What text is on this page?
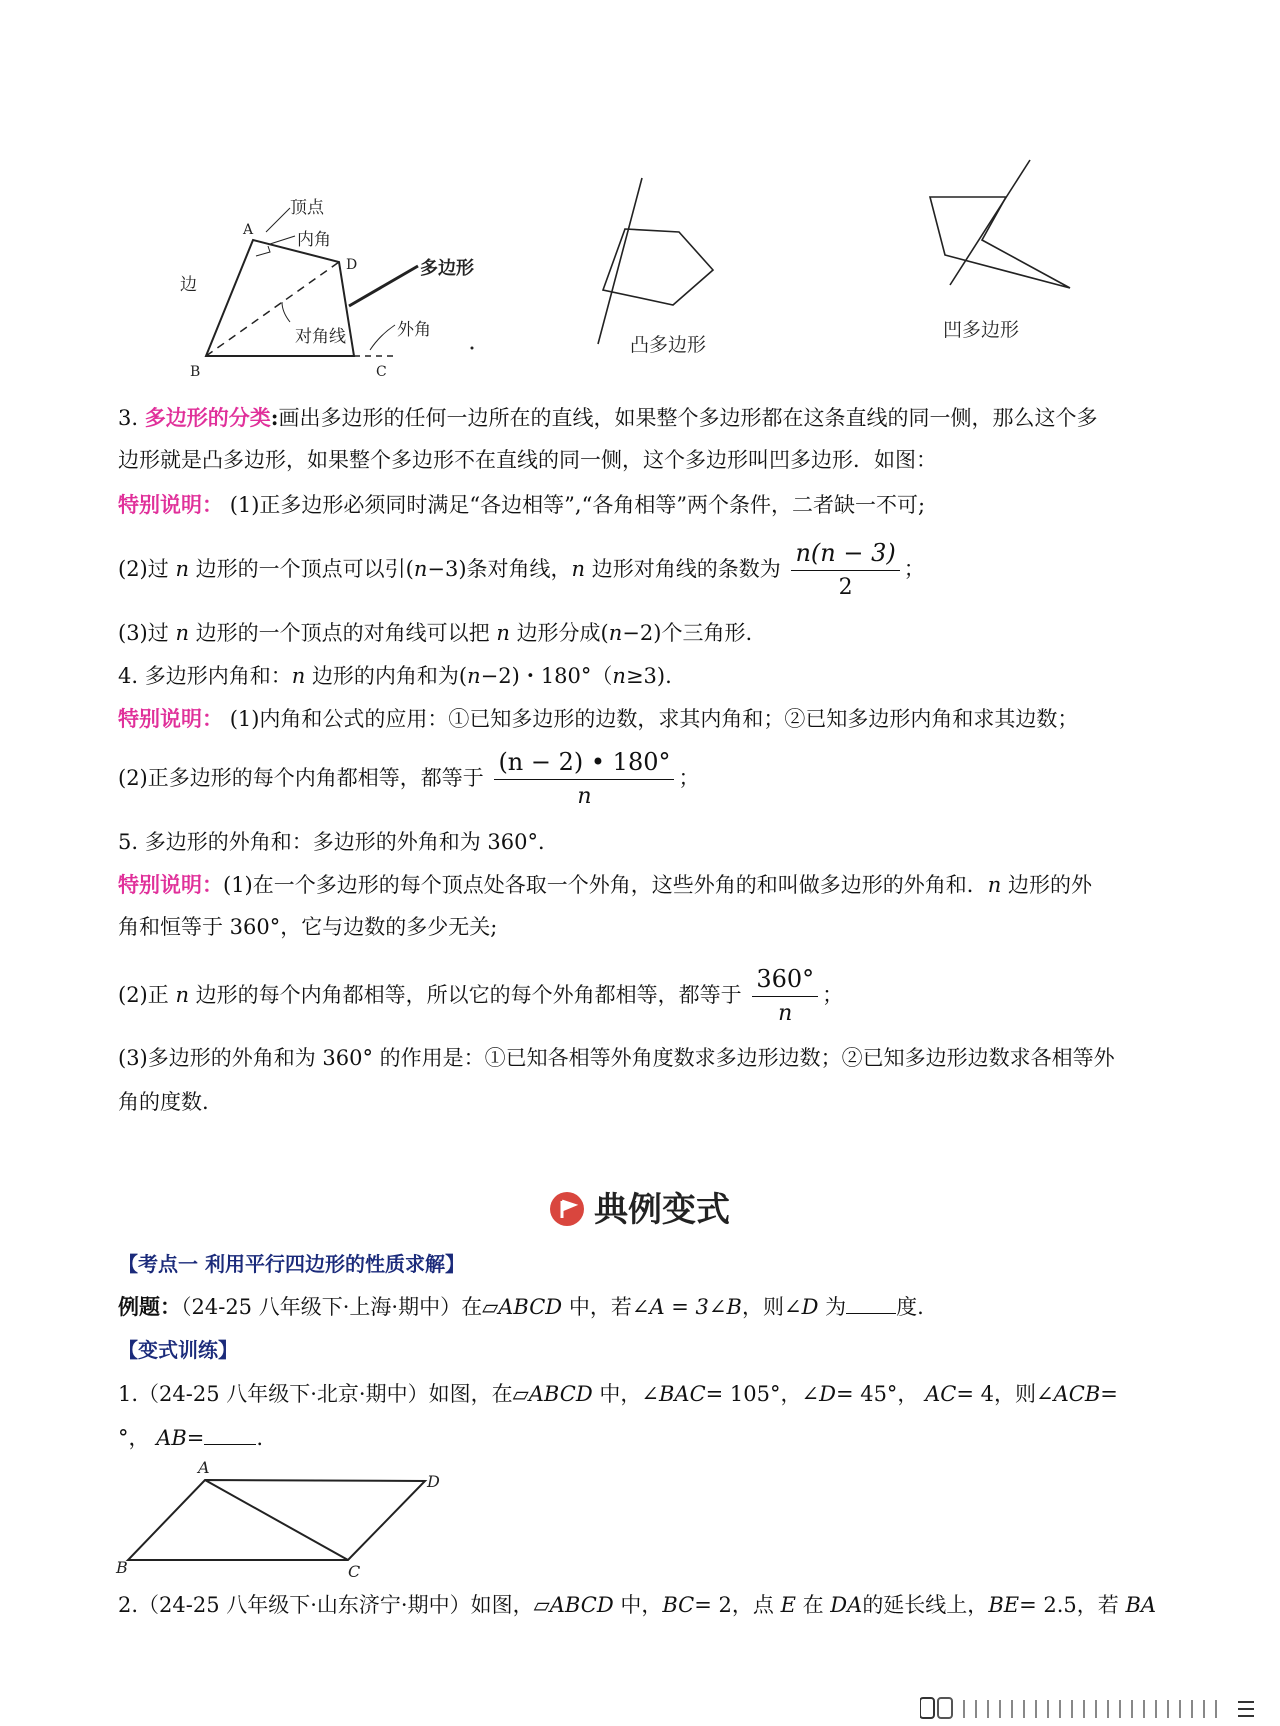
顶点
内角
边
多边形
对角线	外角
A
B	C
D
凸多边形
凹多边形
3. 多边形的分类:画出多边形的任何一边所在的直线，如果整个多边形都在这条直线的同一侧，那么这个多
边形就是凸多边形，如果整个多边形不在直线的同一侧，这个多边形叫凹多边形．如图：
特别说明： (1)正多边形必须同时满足“各边相等”,“各角相等”两个条件，二者缺一不可;
(2)过 n 边形的一个顶点可以引(n−3)条对角线，n 边形对角线的条数为 $\frac{n(n - 3)}{2}$ ；
(3)过 n 边形的一个顶点的对角线可以把 n 边形分成(n−2)个三角形.
4. 多边形内角和：n 边形的内角和为(n−2)・180°（n≥3).
特别说明： (1)内角和公式的应用：①已知多边形的边数，求其内角和；②已知多边形内角和求其边数；
(2)正多边形的每个内角都相等，都等于 $\frac{(n - 2) • 180^\circ}{n}$ ；
5. 多边形的外角和：多边形的外角和为 360°．
特别说明：(1)在一个多边形的每个顶点处各取一个外角，这些外角的和叫做多边形的外角和．n 边形的外
角和恒等于 360°，它与边数的多少无关;
(2)正 n 边形的每个内角都相等，所以它的每个外角都相等，都等于 $\frac{360^\circ}{n}$ ；
(3)多边形的外角和为 360° 的作用是：①已知各相等外角度数求多边形边数；②已知多边形边数求各相等外
角的度数.
典例变式
【考点一 利用平行四边形的性质求解】
例题：（24-25 八年级下·上海·期中）在▱ABCD 中，若∠A = 3∠B，则∠D 为 度.
【变式训练】
1.（24-25 八年级下·北京·期中）如图，在▱ABCD 中，∠BAC= 105°，∠D= 45°， AC= 4，则∠ACB=
°， AB= .
A
B	C
D
2.（24-25 八年级下·山东济宁·期中）如图，▱ABCD 中，BC= 2，点 E 在 DA的延长线上，BE= 2.5，若 BA
